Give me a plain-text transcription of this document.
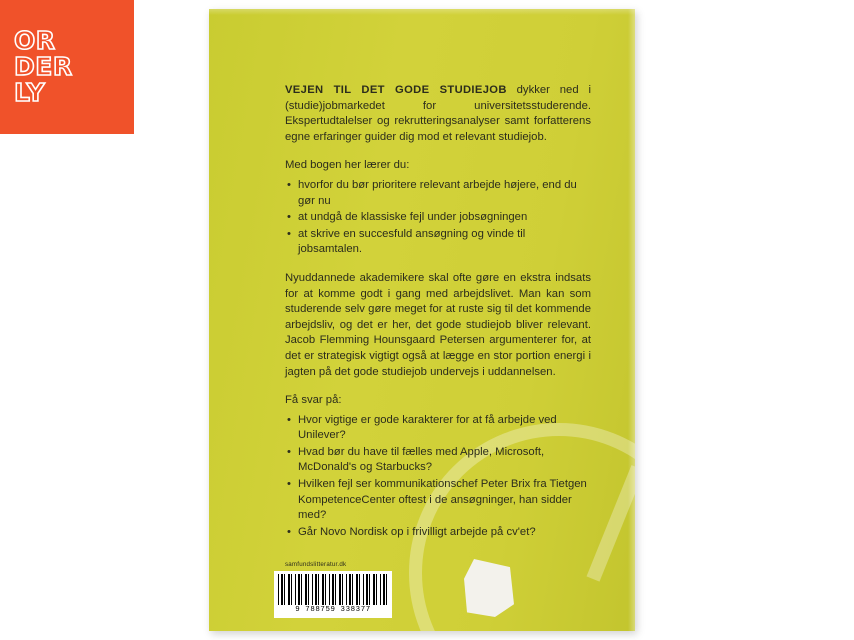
OR
DER
LY	VEJEN TIL DET GODE STUDIEJOB dykker ned i (studie)jobmarkedet for universitetsstuderende. Ekspertudtalelser og rekrutteringsanalyser samt forfatterens egne erfaringer guider dig mod et relevant studiejob.

Med bogen her lærer du:

• hvorfor du bør prioritere relevant arbejde højere, end du gør nu
• at undgå de klassiske fejl under jobsøgningen
• at skrive en succesfuld ansøgning og vinde til jobsamtalen.

Nyuddannede akademikere skal ofte gøre en ekstra indsats for at komme godt i gang med arbejdslivet. Man kan som studerende selv gøre meget for at ruste sig til det kommende arbejdsliv, og det er her, det gode studiejob bliver relevant. Jacob Flemming Hounsgaard Petersen argumenterer for, at det er strategisk vigtigt også at lægge en stor portion energi i jagten på det gode studiejob undervejs i uddannelsen.

Få svar på:

• Hvor vigtige er gode karakterer for at få arbejde ved Unilever?
• Hvad bør du have til fælles med Apple, Microsoft, McDonald's og Starbucks?
• Hvilken fejl ser kommunikationschef Peter Brix fra Tietgen KompetenceCenter oftest i de ansøgninger, han sidder med?
• Går Novo Nordisk op i frivilligt arbejde på cv'et?
samfundslitteratur.dk
9 788759 338377
